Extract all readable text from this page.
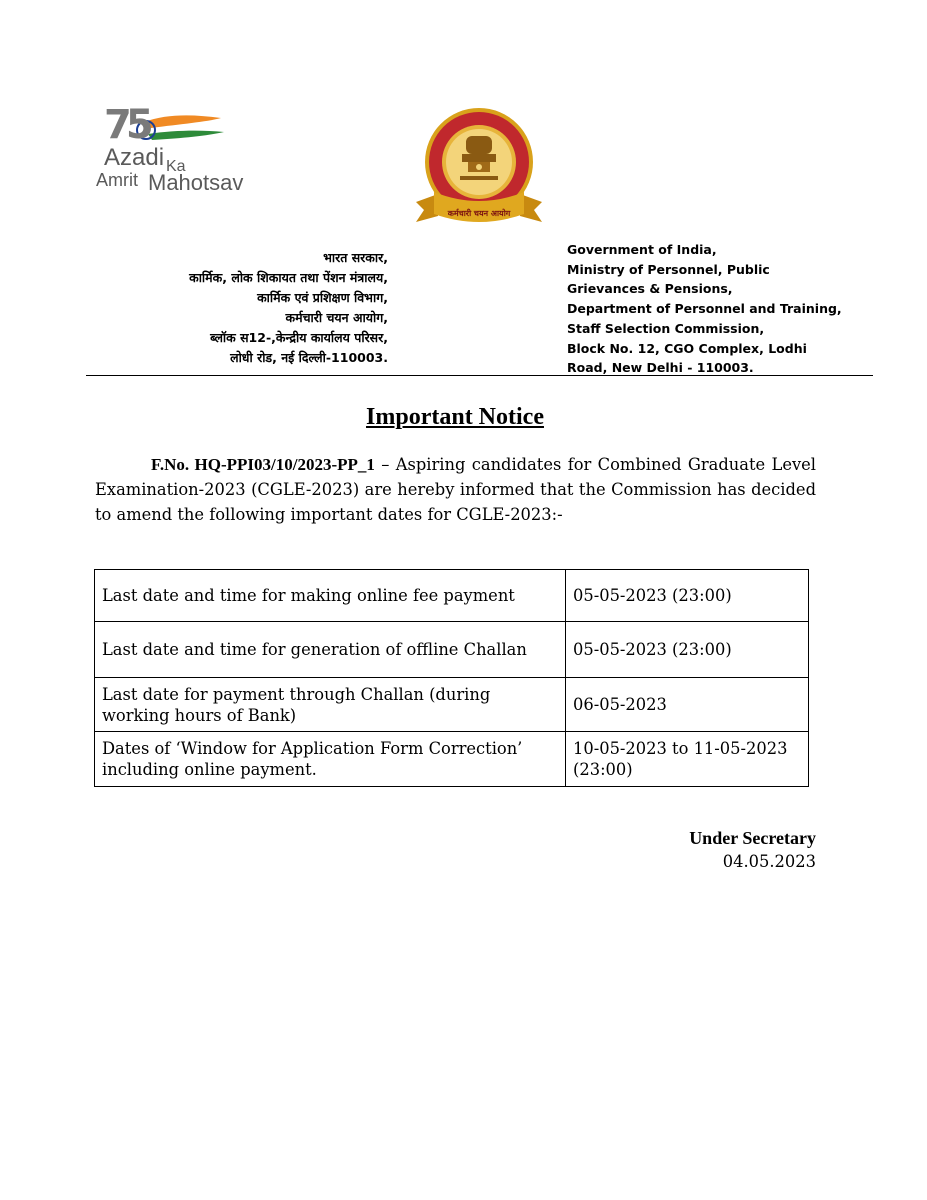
75
Azadi Ka
Amrit Mahotsav
कर्मचारी चयन आयोग
भारत सरकार,
कार्मिक, लोक शिकायत तथा पेंशन मंत्रालय,
कार्मिक एवं प्रशिक्षण विभाग,
कर्मचारी चयन आयोग,
ब्लॉक स12-,केन्द्रीय कार्यालय परिसर,
लोधी रोड, नई दिल्ली-110003.
Government of India,
Ministry of Personnel, Public
Grievances & Pensions,
Department of Personnel and Training,
Staff Selection Commission,
Block No. 12, CGO Complex, Lodhi
Road, New Delhi - 110003.
Important Notice
F.No. HQ-PPI03/10/2023-PP_1 – Aspiring candidates for Combined Graduate Level Examination-2023 (CGLE-2023) are hereby informed that the Commission has decided to amend the following important dates for CGLE-2023:-
Last date and time for making online fee payment	05-05-2023 (23:00)
Last date and time for generation of offline Challan	05-05-2023 (23:00)
Last date for payment through Challan (during working hours of Bank)	06-05-2023
Dates of ‘Window for Application Form Correction’ including online payment.	10-05-2023 to 11-05-2023 (23:00)
Under Secretary
04.05.2023
